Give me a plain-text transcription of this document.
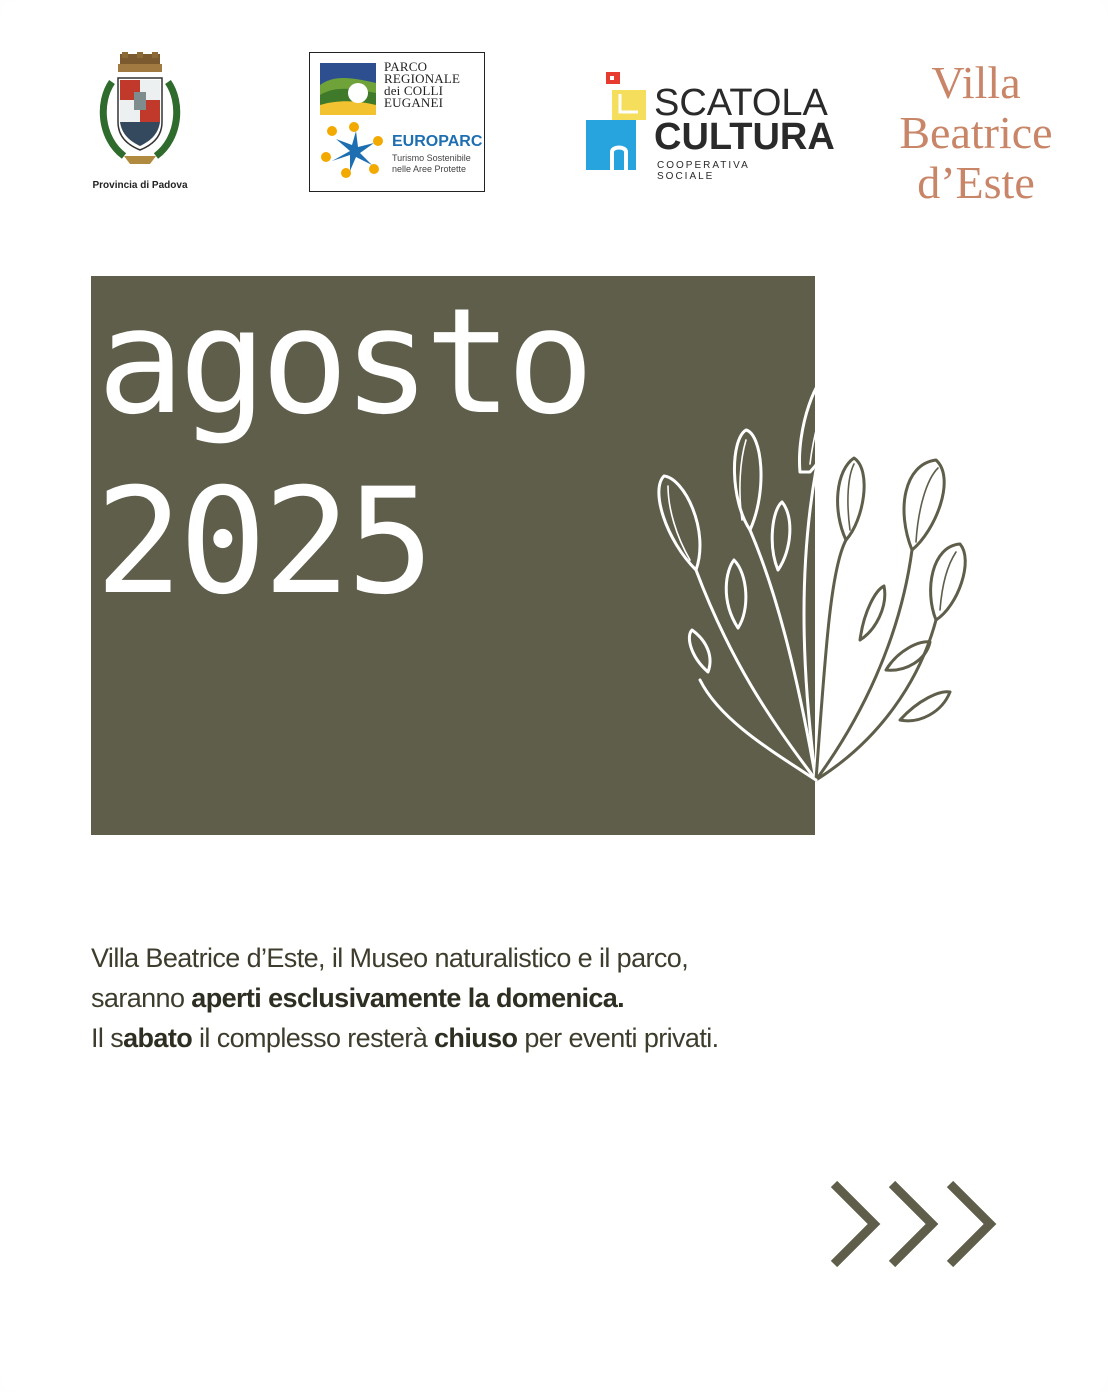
Provincia di Padova
PARCO
REGIONALE
dei COLLI
EUGANEI
EUROPARC
Turismo Sostenibile
nelle Aree Protette
SCATOLA
CULTURA
COOPERATIVA SOCIALE
Villa
Beatrice
d’Este
agosto
2025
Villa Beatrice d’Este, il Museo naturalistico e il parco,
saranno aperti esclusivamente la domenica.
Il sabato il complesso resterà chiuso per eventi privati.
